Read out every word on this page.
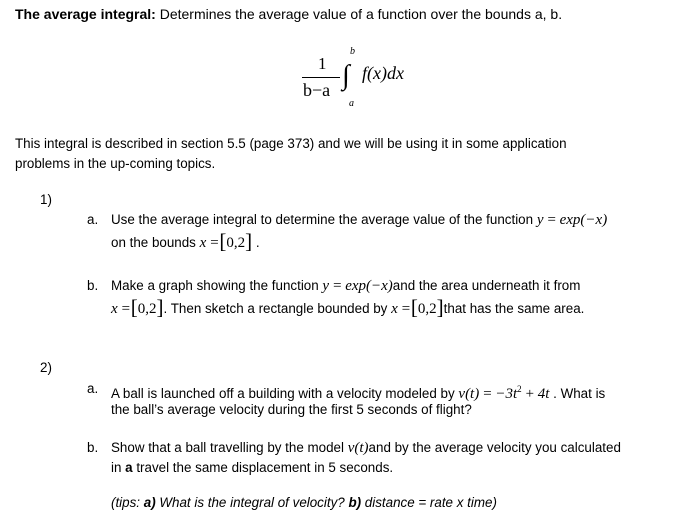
The average integral: Determines the average value of a function over the bounds a, b.
1
b−a ∫
b
a
f(x)dx
This integral is described in section 5.5 (page 373) and we will be using it in some application
problems in the up-coming topics.
1)
a. Use the average integral to determine the average value of the function y = exp(−x)
on the bounds x =[0,2] .
b. Make a graph showing the function y = exp(−x)and the area underneath it from
x =[0,2]. Then sketch a rectangle bounded by x =[0,2]that has the same area.
2)
a. A ball is launched off a building with a velocity modeled by $v(t) = -3t^2 + 4t$ . What is
the ball’s average velocity during the first 5 seconds of flight?
b. Show that a ball travelling by the model v(t)and by the average velocity you calculated
in a travel the same displacement in 5 seconds.
(tips: a) What is the integral of velocity? b) distance = rate x time)
